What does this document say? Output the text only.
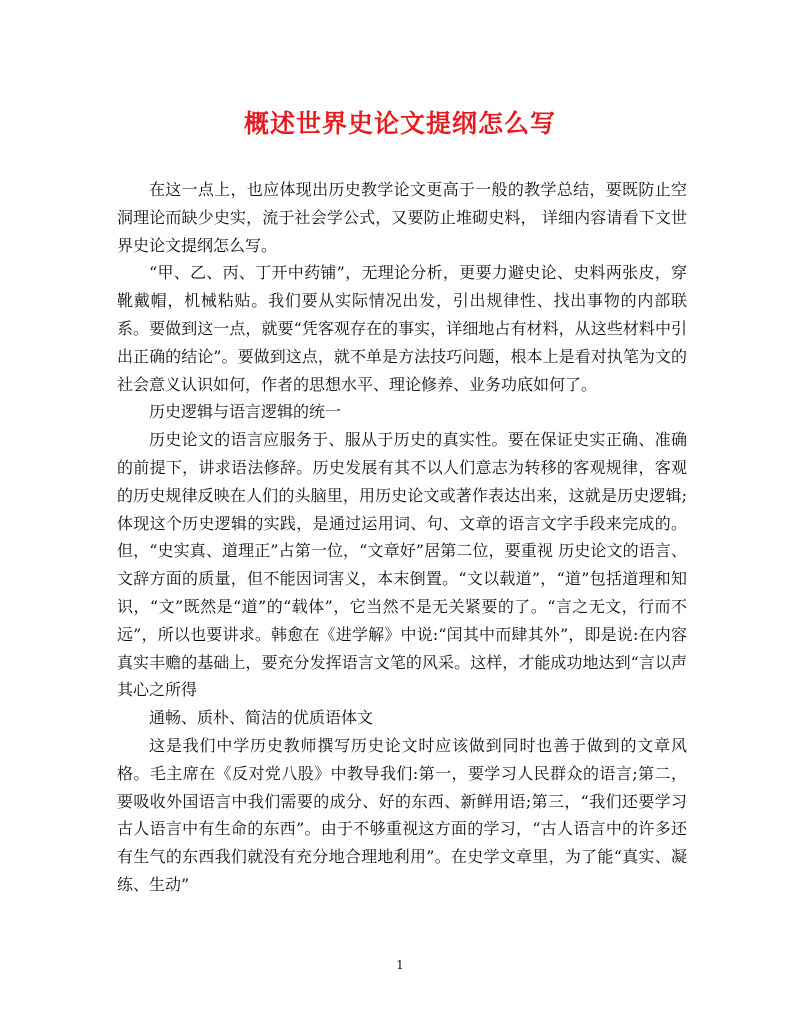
概述世界史论文提纲怎么写

在这一点上，也应体现出历史教学论文更高于一般的教学总结，要既防止空洞理论而缺少史实，流于社会学公式，又要防止堆砌史料， 详细内容请看下文世界史论文提纲怎么写。

“甲、乙、丙、丁开中药铺”，无理论分析，更要力避史论、史料两张皮，穿靴戴帽，机械粘贴。我们要从实际情况出发，引出规律性、找出事物的内部联系。要做到这一点，就要“凭客观存在的事实，详细地占有材料，从这些材料中引出正确的结论”。要做到这点，就不单是方法技巧问题，根本上是看对执笔为文的社会意义认识如何，作者的思想水平、理论修养、业务功底如何了。

历史逻辑与语言逻辑的统一

历史论文的语言应服务于、服从于历史的真实性。要在保证史实正确、准确的前提下，讲求语法修辞。历史发展有其不以人们意志为转移的客观规律，客观的历史规律反映在人们的头脑里，用历史论文或著作表达出来，这就是历史逻辑;体现这个历史逻辑的实践，是通过运用词、句、文章的语言文字手段来完成的。但，“史实真、道理正”占第一位，“文章好”居第二位，要重视 历史论文的语言、文辞方面的质量，但不能因词害义，本末倒置。“文以载道”，“道”包括道理和知识，“文”既然是“道”的“载体”，它当然不是无关紧要的了。“言之无文，行而不远”，所以也要讲求。韩愈在《进学解》中说:“闰其中而肆其外”，即是说:在内容真实丰赡的基础上，要充分发挥语言文笔的风采。这样，才能成功地达到“言以声其心之所得

通畅、质朴、简洁的优质语体文

这是我们中学历史教师撰写历史论文时应该做到同时也善于做到的文章风格。毛主席在《反对党八股》中教导我们:第一，要学习人民群众的语言;第二，要吸收外国语言中我们需要的成分、好的东西、新鲜用语;第三，“我们还要学习古人语言中有生命的东西”。由于不够重视这方面的学习，“古人语言中的许多还有生气的东西我们就没有充分地合理地利用”。在史学文章里，为了能“真实、凝练、生动”

1
